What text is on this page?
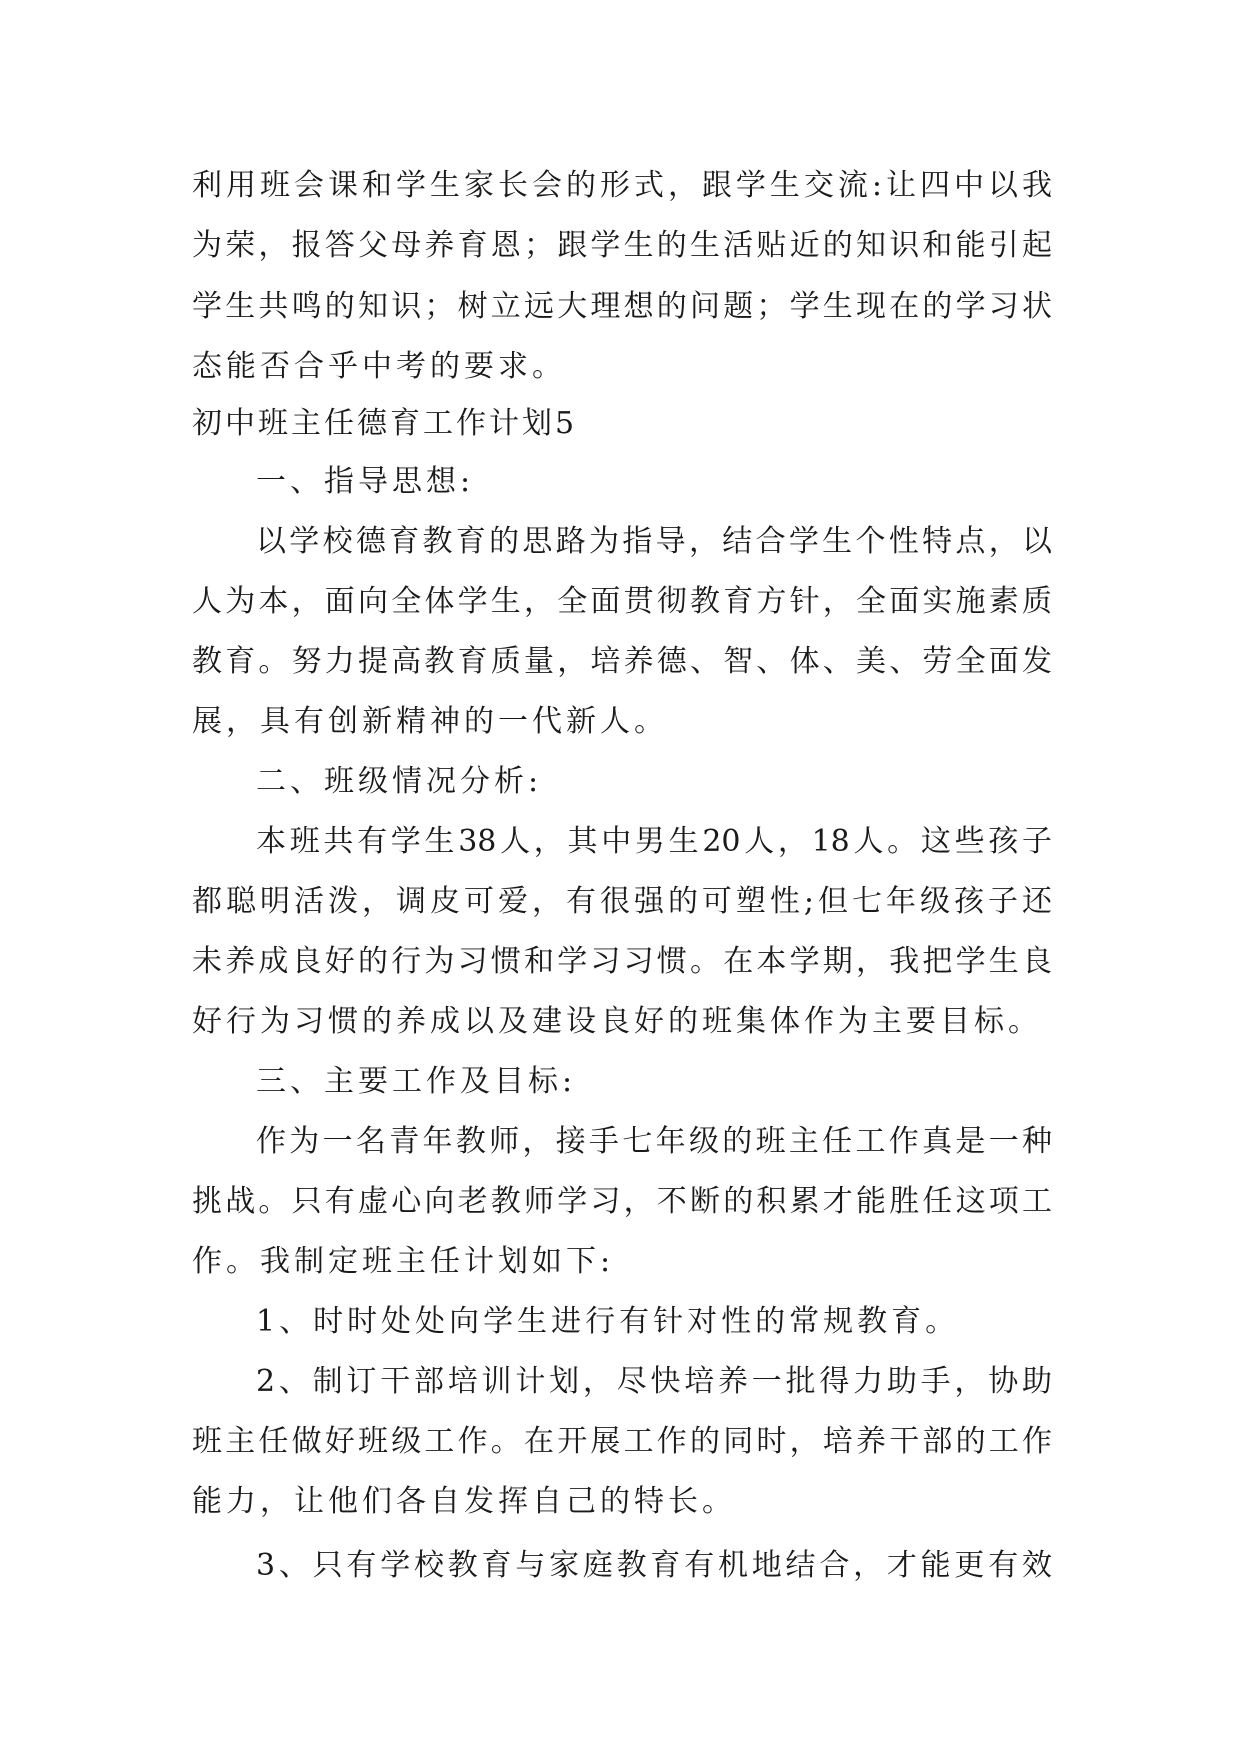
利用班会课和学生家长会的形式，跟学生交流:让四中以我
为荣，报答父母养育恩；跟学生的生活贴近的知识和能引起
学生共鸣的知识；树立远大理想的问题；学生现在的学习状
态能否合乎中考的要求。
初中班主任德育工作计划5
一、指导思想:
以学校德育教育的思路为指导，结合学生个性特点，以
人为本，面向全体学生，全面贯彻教育方针，全面实施素质
教育。努力提高教育质量，培养德、智、体、美、劳全面发
展，具有创新精神的一代新人。
二、班级情况分析:
本班共有学生38人，其中男生20人，18人。这些孩子
都聪明活泼，调皮可爱，有很强的可塑性;但七年级孩子还
未养成良好的行为习惯和学习习惯。在本学期，我把学生良
好行为习惯的养成以及建设良好的班集体作为主要目标。
三、主要工作及目标:
作为一名青年教师，接手七年级的班主任工作真是一种
挑战。只有虚心向老教师学习，不断的积累才能胜任这项工
作。我制定班主任计划如下:
1、时时处处向学生进行有针对性的常规教育。
2、制订干部培训计划，尽快培养一批得力助手，协助
班主任做好班级工作。在开展工作的同时，培养干部的工作
能力，让他们各自发挥自己的特长。
3、只有学校教育与家庭教育有机地结合，才能更有效
